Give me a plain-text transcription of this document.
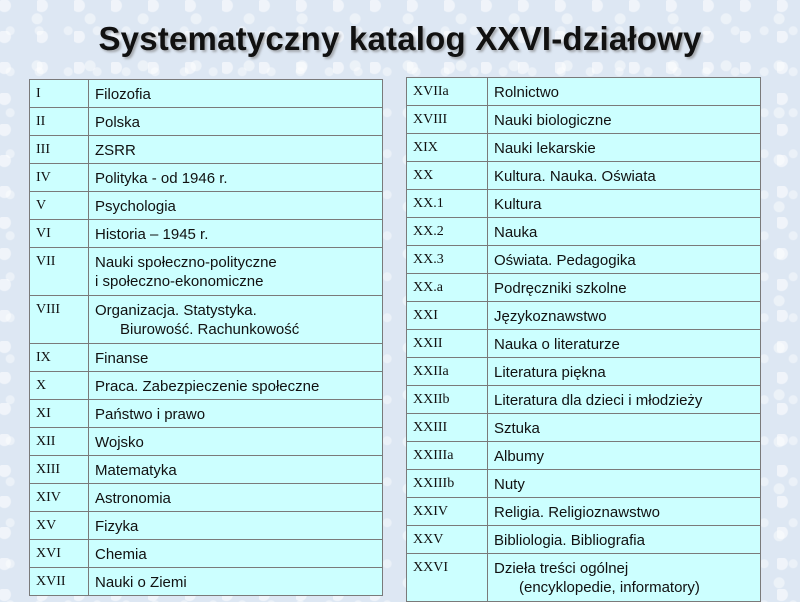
Systematyczny katalog XXVI-działowy
I	Filozofia
II	Polska
III	ZSRR
IV	Polityka - od 1946 r.
V	Psychologia
VI	Historia – 1945 r.
VII	Nauki społeczno-polityczne
i społeczno-ekonomiczne
VIII	Organizacja. Statystyka.
Biurowość. Rachunkowość
IX	Finanse
X	Praca. Zabezpieczenie społeczne
XI	Państwo i prawo
XII	Wojsko
XIII	Matematyka
XIV	Astronomia
XV	Fizyka
XVI	Chemia
XVII	Nauki o Ziemi
XVIIa	Rolnictwo
XVIII	Nauki biologiczne
XIX	Nauki lekarskie
XX	Kultura. Nauka. Oświata
XX.1	Kultura
XX.2	Nauka
XX.3	Oświata. Pedagogika
XX.a	Podręczniki szkolne
XXI	Językoznawstwo
XXII	Nauka o literaturze
XXIIa	Literatura piękna
XXIIb	Literatura dla dzieci i młodzieży
XXIII	Sztuka
XXIIIa	Albumy
XXIIIb	Nuty
XXIV	Religia. Religioznawstwo
XXV	Bibliologia. Bibliografia
XXVI	Dzieła treści ogólnej
(encyklopedie, informatory)
